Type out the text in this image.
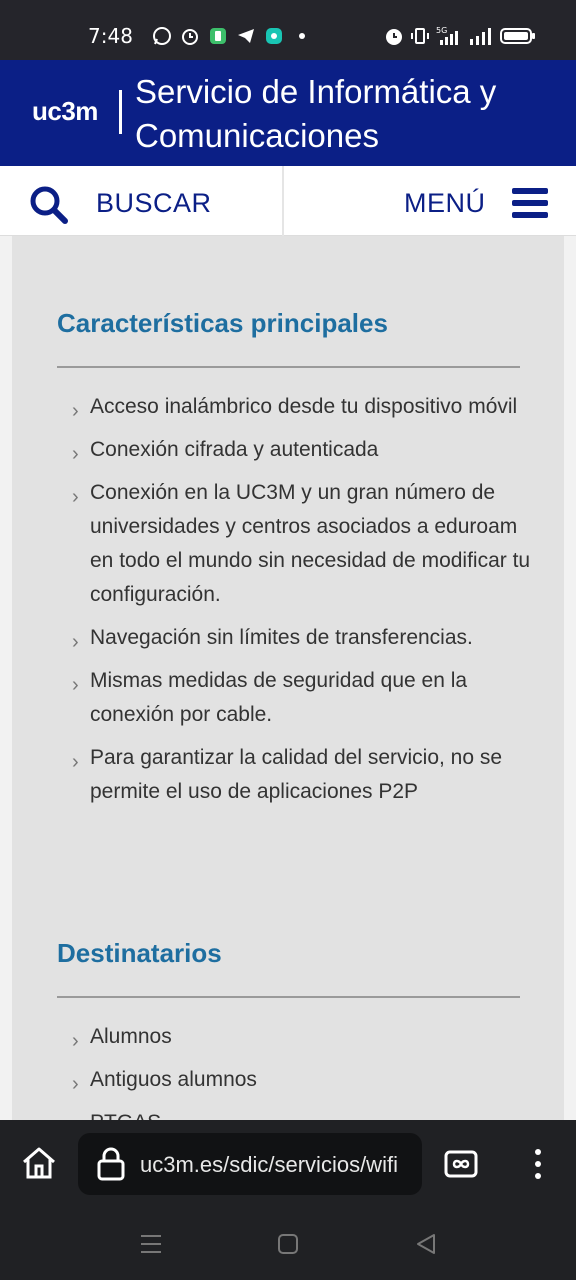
7:48	5G
uc3m
Servicio de Informática y
Comunicaciones
BUSCAR	MENÚ
Características principales
› Acceso inalámbrico desde tu dispositivo móvil
› Conexión cifrada y autenticada
› Conexión en la UC3M y un gran número de universidades y centros asociados a eduroam en todo el mundo sin necesidad de modificar tu configuración.
› Navegación sin límites de transferencias.
› Mismas medidas de seguridad que en la conexión por cable.
› Para garantizar la calidad del servicio, no se permite el uso de aplicaciones P2P
Destinatarios
› Alumnos
› Antiguos alumnos
uc3m.es/sdic/servicios/wifi
